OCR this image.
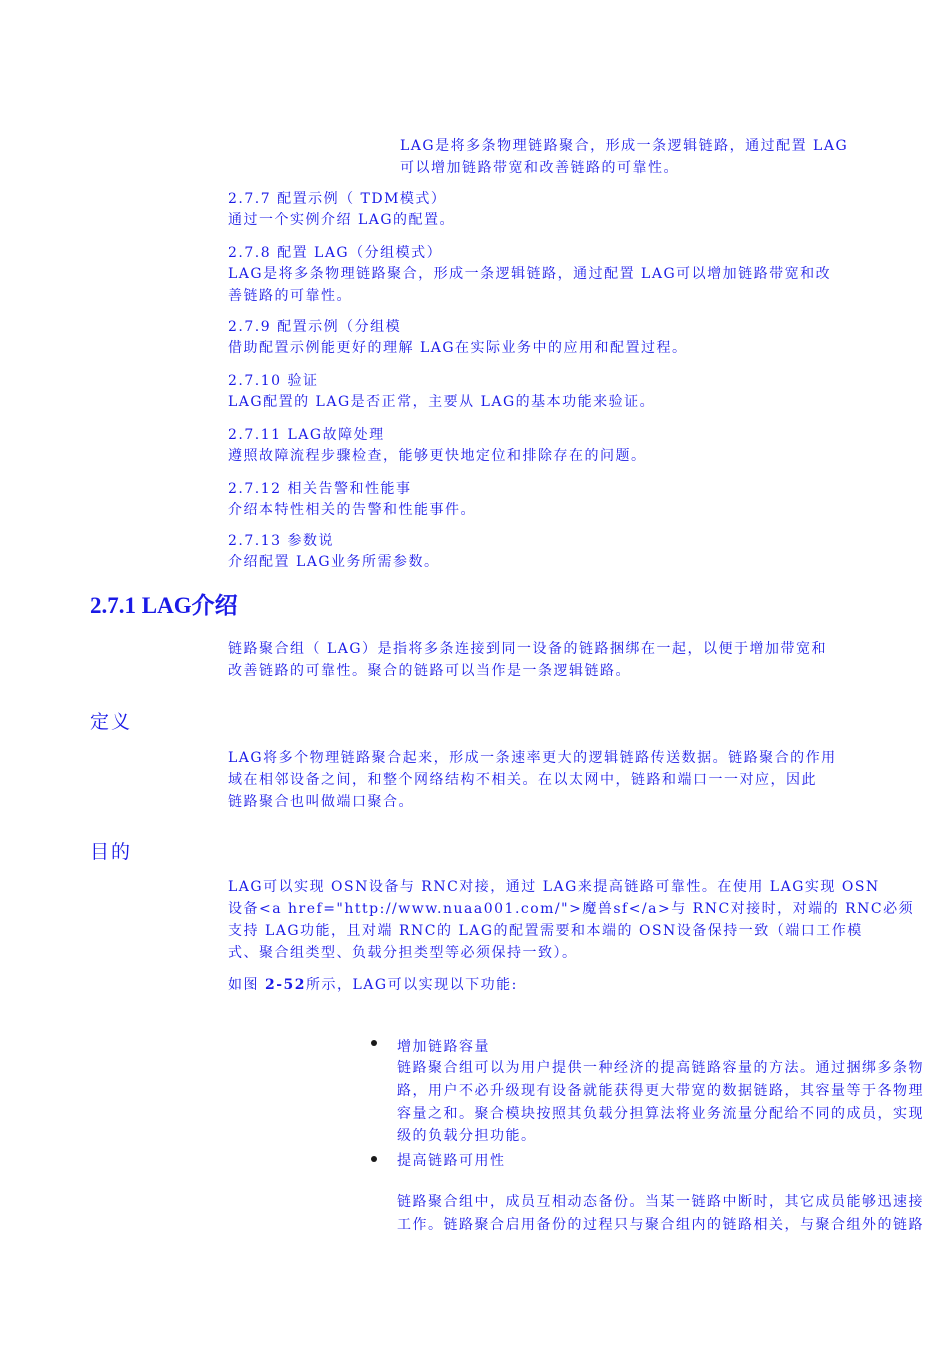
LAG是将多条物理链路聚合，形成一条逻辑链路，通过配置 LAG
可以增加链路带宽和改善链路的可靠性。
2.7.7 配置示例（ TDM模式）
通过一个实例介绍 LAG的配置。
2.7.8 配置 LAG（分组模式）
LAG是将多条物理链路聚合，形成一条逻辑链路，通过配置 LAG可以增加链路带宽和改
善链路的可靠性。
2.7.9 配置示例（分组模
借助配置示例能更好的理解 LAG在实际业务中的应用和配置过程。
2.7.10 验证
LAG配置的 LAG是否正常，主要从 LAG的基本功能来验证。
2.7.11 LAG故障处理
遵照故障流程步骤检查，能够更快地定位和排除存在的问题。
2.7.12 相关告警和性能事
介绍本特性相关的告警和性能事件。
2.7.13 参数说
介绍配置 LAG业务所需参数。
2.7.1 LAG介绍
链路聚合组（ LAG）是指将多条连接到同一设备的链路捆绑在一起，以便于增加带宽和
改善链路的可靠性。聚合的链路可以当作是一条逻辑链路。
定义
LAG将多个物理链路聚合起来，形成一条速率更大的逻辑链路传送数据。链路聚合的作用
域在相邻设备之间，和整个网络结构不相关。在以太网中，链路和端口一一对应，因此
链路聚合也叫做端口聚合。
目的
LAG可以实现 OSN设备与 RNC对接，通过 LAG来提高链路可靠性。在使用 LAG实现 OSN
设备<a href="http://www.nuaa001.com/">魔兽sf</a>与 RNC对接时，对端的 RNC必须
支持 LAG功能，且对端 RNC的 LAG的配置需要和本端的 OSN设备保持一致（端口工作模
式、聚合组类型、负载分担类型等必须保持一致）。
如图 2-52所示，LAG可以实现以下功能:
增加链路容量
链路聚合组可以为用户提供一种经济的提高链路容量的方法。通过捆绑多条物
路，用户不必升级现有设备就能获得更大带宽的数据链路，其容量等于各物理
容量之和。聚合模块按照其负载分担算法将业务流量分配给不同的成员，实现
级的负载分担功能。
提高链路可用性
链路聚合组中，成员互相动态备份。当某一链路中断时，其它成员能够迅速接
工作。链路聚合启用备份的过程只与聚合组内的链路相关，与聚合组外的链路
